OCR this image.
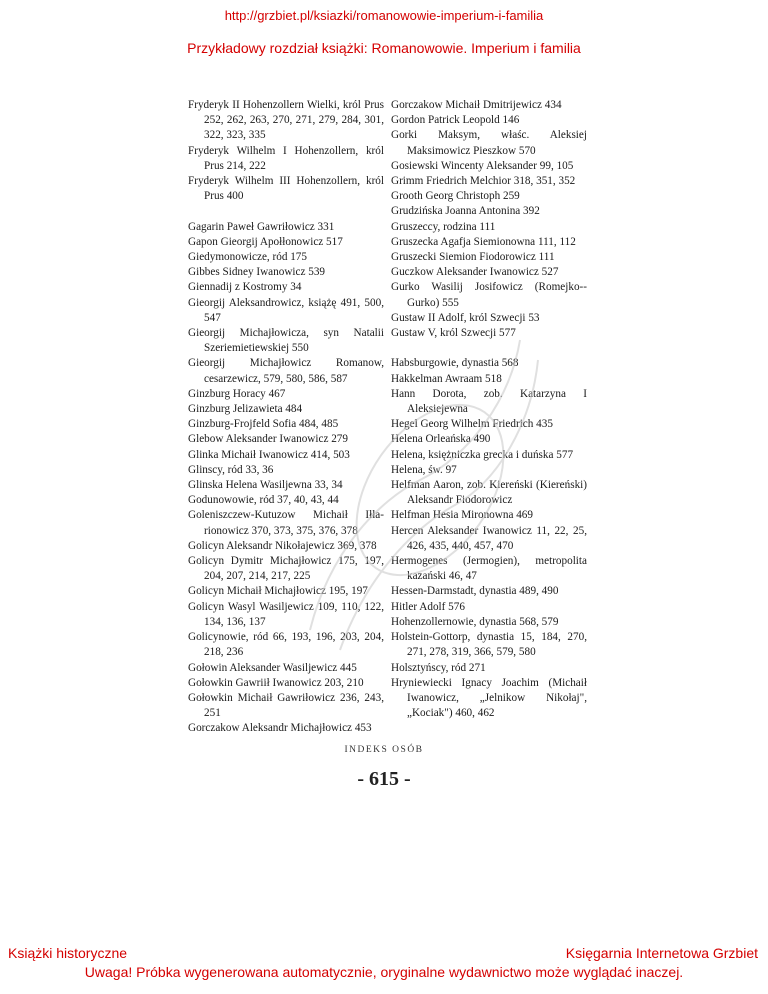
http://grzbiet.pl/ksiazki/romanowowie-imperium-i-familia
Przykładowy rozdział książki: Romanowowie. Imperium i familia
Fryderyk II Hohenzollern Wielki, król Prus 252, 262, 263, 270, 271, 279, 284, 301, 322, 323, 335
Fryderyk Wilhelm I Hohenzollern, król Prus 214, 222
Fryderyk Wilhelm III Hohenzollern, król Prus 400
Gagarin Paweł Gawriłowicz 331
Gapon Gieorgij Apołłonowicz 517
Giedymonowicze, ród 175
Gibbes Sidney Iwanowicz 539
Giennadij z Kostromy 34
Gieorgij Aleksandrowicz, książę 491, 500, 547
Gieorgij Michajłowicza, syn Natalii Szeriemietiewskiej 550
Gieorgij Michajłowicz Romanow, cesarzewicz, 579, 580, 586, 587
Ginzburg Horacy 467
Ginzburg Jelizawieta 484
Ginzburg-Frojfeld Sofia 484, 485
Glebow Aleksander Iwanowicz 279
Glinka Michaił Iwanowicz 414, 503
Glinscy, ród 33, 36
Glinska Helena Wasiljewna 33, 34
Godunowowie, ród 37, 40, 43, 44
Goleniszczew-Kutuzow Michaił Iłła-rionowicz 370, 373, 375, 376, 378
Golicyn Aleksandr Nikołajewicz 369, 378
Golicyn Dymitr Michajłowicz 175, 197, 204, 207, 214, 217, 225
Golicyn Michaił Michajłowicz 195, 197
Golicyn Wasyl Wasiljewicz 109, 110, 122, 134, 136, 137
Golicynowie, ród 66, 193, 196, 203, 204, 218, 236
Gołowin Aleksander Wasiljewicz 445
Gołowkin Gawriił Iwanowicz 203, 210
Gołowkin Michaił Gawriłowicz 236, 243, 251
Gorczakow Aleksandr Michajłowicz 453
Gorczakow Michaił Dmitrijewicz 434
Gordon Patrick Leopold 146
Gorki Maksym, właśc. Aleksiej Maksimowicz Pieszkow 570
Gosiewski Wincenty Aleksander 99, 105
Grimm Friedrich Melchior 318, 351, 352
Grooth Georg Christoph 259
Grudzińska Joanna Antonina 392
Gruszeccy, rodzina 111
Gruszecka Agafja Siemionowna 111, 112
Gruszecki Siemion Fiodorowicz 111
Guczkow Aleksander Iwanowicz 527
Gurko Wasilij Josifowicz (Romejko--Gurko) 555
Gustaw II Adolf, król Szwecji 53
Gustaw V, król Szwecji 577
Habsburgowie, dynastia 568
Hakkelman Awraam 518
Hann Dorota, zob. Katarzyna I Aleksiejewna
Hegel Georg Wilhelm Friedrich 435
Helena Orleańska 490
Helena, księżniczka grecka i duńska 577
Helena, św. 97
Helfman Aaron, zob. Kiereński (Kiereński) Aleksandr Fiodorowicz
Helfman Hesia Mironowna 469
Hercen Aleksander Iwanowicz 11, 22, 25, 426, 435, 440, 457, 470
Hermogenes (Jermogien), metropolita kazański 46, 47
Hessen-Darmstadt, dynastia 489, 490
Hitler Adolf 576
Hohenzollernowie, dynastia 568, 579
Holstein-Gottorp, dynastia 15, 184, 270, 271, 278, 319, 366, 579, 580
Holsztyńscy, ród 271
Hryniewiecki Ignacy Joachim (Michaił Iwanowicz, „Jelnikow Nikołaj", „Kociak") 460, 462
INDEKS OSÓB
- 615 -
Książki historyczne	Księgarnia Internetowa Grzbiet
Uwaga! Próbka wygenerowana automatycznie, oryginalne wydawnictwo może wyglądać inaczej.
